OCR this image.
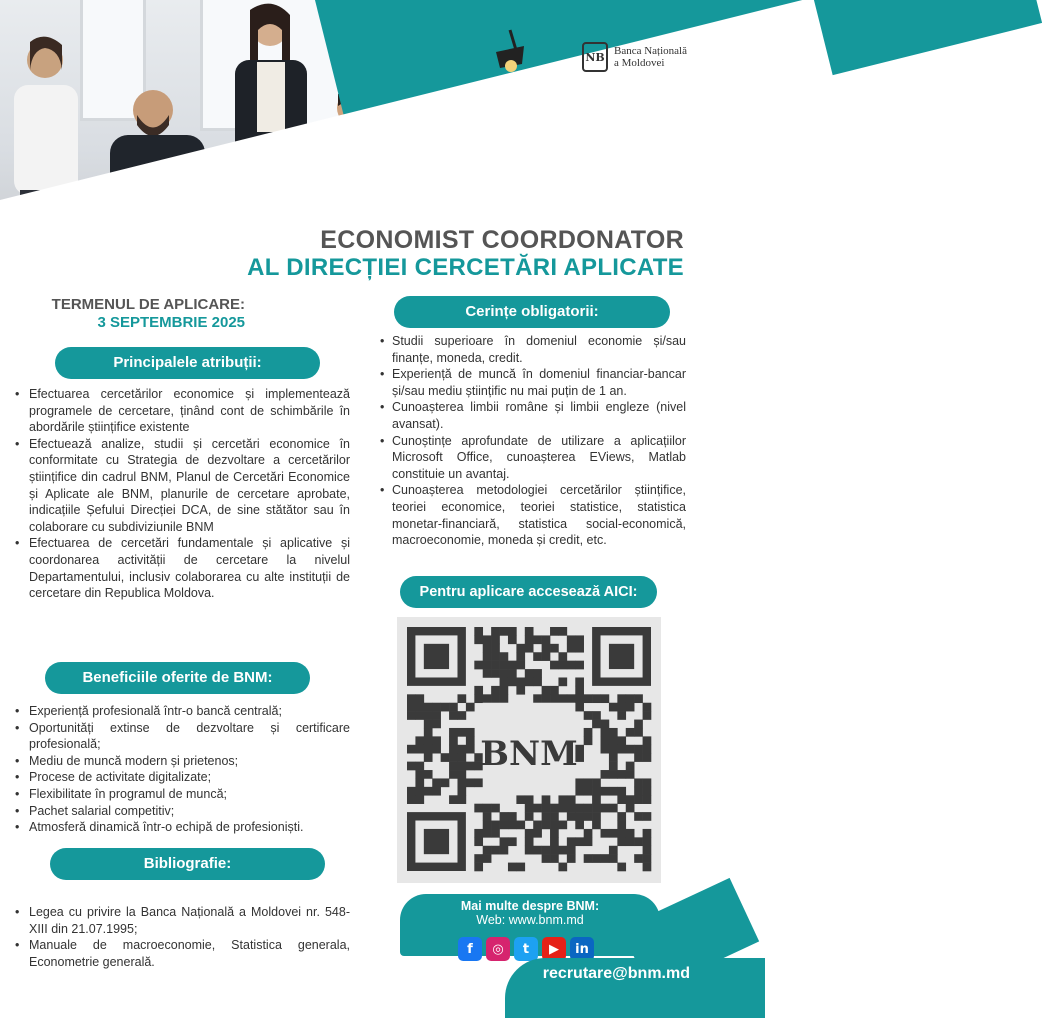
NB Banca Națională
a Moldovei
CU BNM CREȘTI PROFESIONAL!
ECONOMIST COORDONATOR
AL DIRECȚIEI CERCETĂRI APLICATE
TERMENUL DE APLICARE:
3 SEPTEMBRIE 2025
Principalele atribuții:
• Efectuarea cercetărilor economice și implementează programele de cercetare, ținând cont de schimbările în abordările științifice existente
• Efectuează analize, studii și cercetări economice în conformitate cu Strategia de dezvoltare a cercetărilor științifice din cadrul BNM, Planul de Cercetări Economice și Aplicate ale BNM, planurile de cercetare aprobate, indicațiile Șefului Direcției DCA, de sine stătător sau în colaborare cu subdiviziunile BNM
• Efectuarea de cercetări fundamentale și aplicative și coordonarea activității de cercetare la nivelul Departamentului, inclusiv colaborarea cu alte instituții de cercetare din Republica Moldova.
Beneficiile oferite de BNM:
• Experiență profesională într-o bancă centrală;
• Oportunități extinse de dezvoltare și certificare profesională;
• Mediu de muncă modern și prietenos;
• Procese de activitate digitalizate;
• Flexibilitate în programul de muncă;
• Pachet salarial competitiv;
• Atmosferă dinamică într-o echipă de profesioniști.
Bibliografie:
• Legea cu privire la Banca Națională a Moldovei nr. 548-XIII din 21.07.1995;
• Manuale de macroeconomie, Statistica generala, Econometrie generală.
Cerințe obligatorii:
• Studii superioare în domeniul economie și/sau finanțe, moneda, credit.
• Experiență de muncă în domeniul financiar-bancar și/sau mediu științific nu mai puțin de 1 an.
• Cunoașterea limbii române și limbii engleze (nivel avansat).
• Cunoștințe aprofundate de utilizare a aplicațiilor Microsoft Office, cunoașterea EViews, Matlab constituie un avantaj.
• Cunoașterea metodologiei cercetărilor științifice, teoriei economice, teoriei statistice, statistica monetar-financiară, statistica social-economică, macroeconomie, moneda și credit, etc.
Pentru aplicare accesează AICI:
BNM
Mai multe despre BNM:
Web: www.bnm.md
f	◎	t	▶	in
recrutare@bnm.md
